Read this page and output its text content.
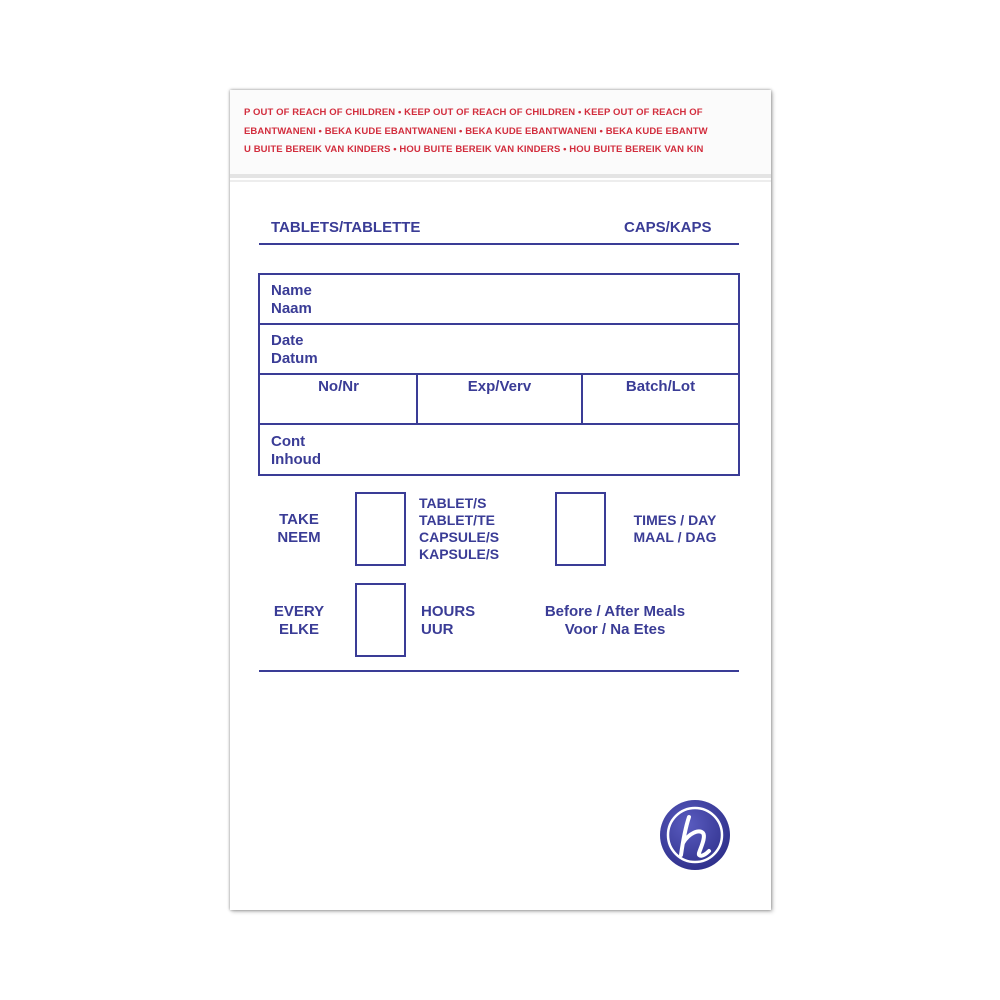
P OUT OF REACH OF CHILDREN • KEEP OUT OF REACH OF CHILDREN • KEEP OUT OF REACH OF
EBANTWANENI • BEKA KUDE EBANTWANENI • BEKA KUDE EBANTWANENI • BEKA KUDE EBANTW
U BUITE BEREIK VAN KINDERS • HOU BUITE BEREIK VAN KINDERS • HOU BUITE BEREIK VAN KIN
TABLETS/TABLETTE	CAPS/KAPS
Name
Naam
Date
Datum
No/Nr	Exp/Verv	Batch/Lot
Cont
Inhoud
TAKE
NEEM
TABLET/S
TABLET/TE
CAPSULE/S
KAPSULE/S
TIMES / DAY
MAAL / DAG
EVERY
ELKE
HOURS
UUR
Before / After Meals
Voor / Na Etes
